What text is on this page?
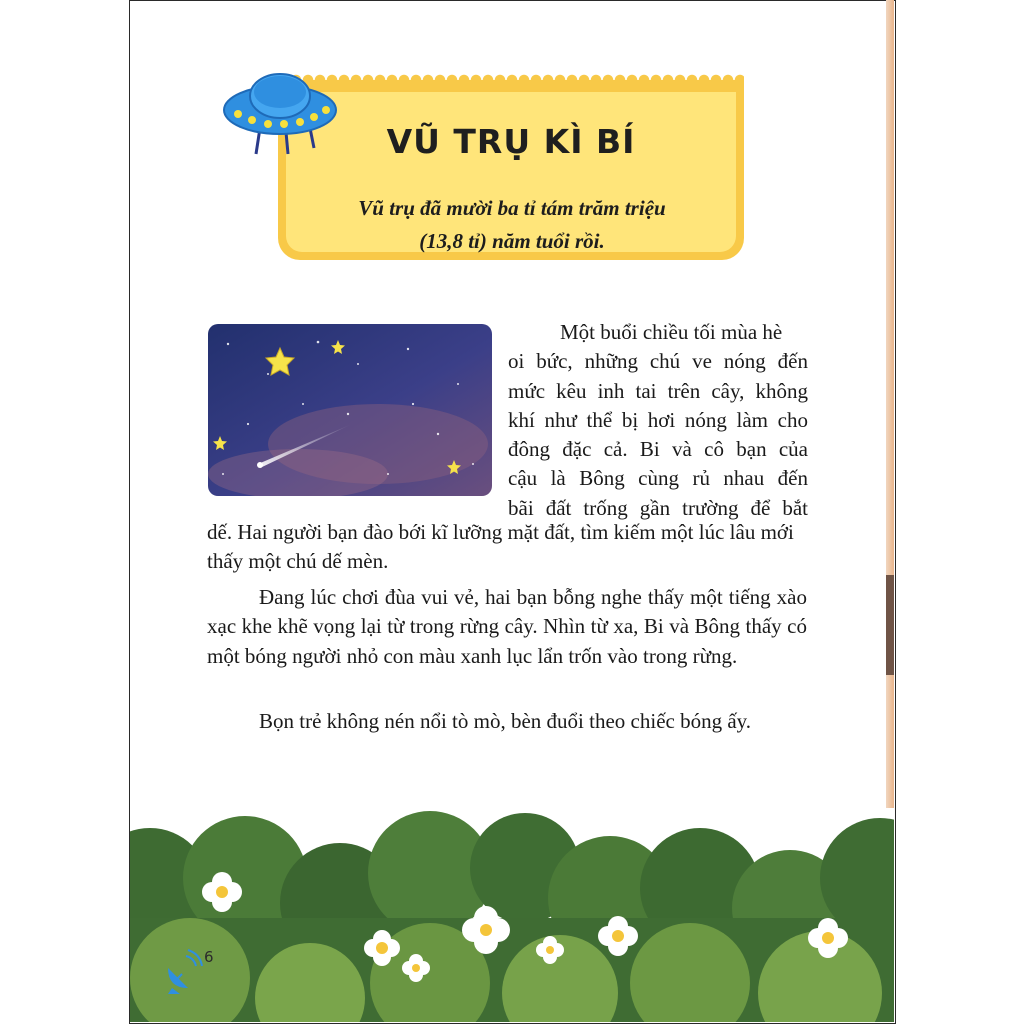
VŨ TRỤ KÌ BÍ
Vũ trụ đã mười ba tỉ tám trăm triệu
(13,8 tỉ) năm tuổi rồi.
Một buổi chiều tối mùa hè
oi bức, những chú ve nóng đến
mức kêu inh tai trên cây, không
khí như thể bị hơi nóng làm cho
đông đặc cả. Bi và cô bạn của
cậu là Bông cùng rủ nhau đến
bãi đất trống gần trường để bắt
dế. Hai người bạn đào bới kĩ lưỡng mặt đất, tìm kiếm một lúc lâu mới thấy một chú dế mèn.
Đang lúc chơi đùa vui vẻ, hai bạn bỗng nghe thấy một tiếng xào xạc khe khẽ vọng lại từ trong rừng cây. Nhìn từ xa, Bi và Bông thấy có một bóng người nhỏ con màu xanh lục lẩn trốn vào trong rừng.
Bọn trẻ không nén nổi tò mò, bèn đuổi theo chiếc bóng ấy.
6
